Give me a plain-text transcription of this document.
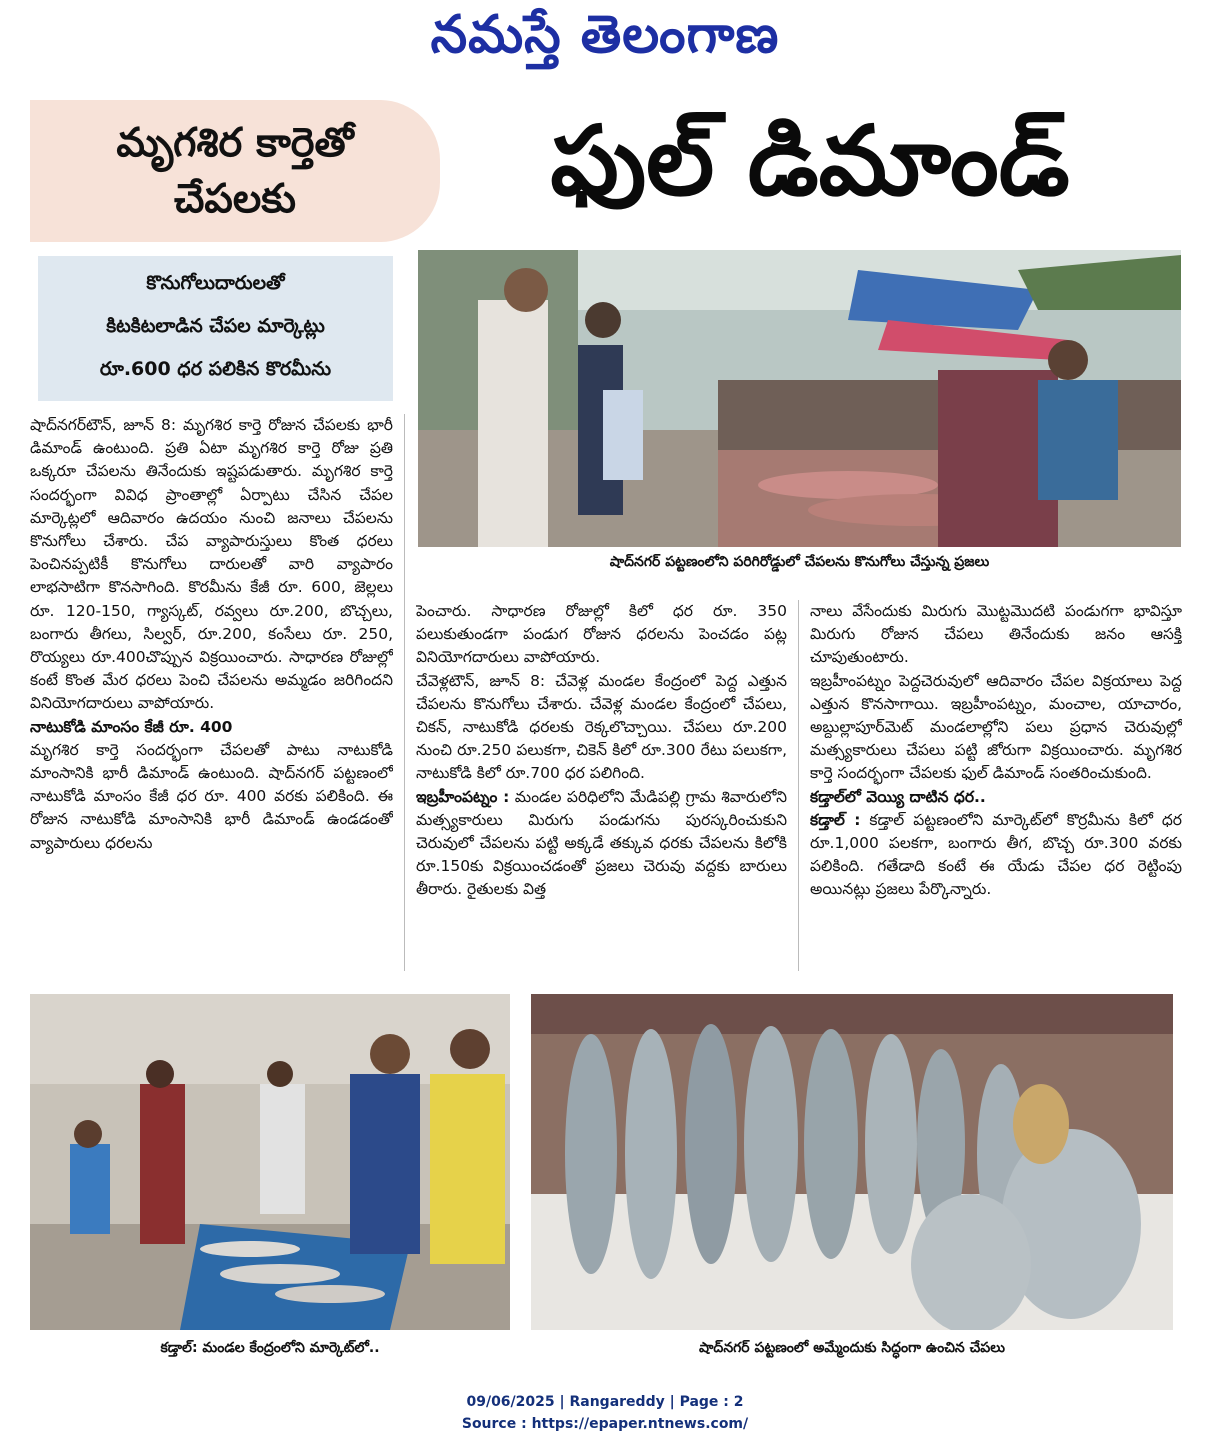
నమస్తే తెలంగాణ
మృగశిర కార్తెతో
చేపలకు	ఫుల్ డిమాండ్
కొనుగోలుదారులతో
కిటకిటలాడిన చేపల మార్కెట్లు
రూ.600 ధర పలికిన కొరమీను
షాద్‌నగర్ పట్టణంలోని పరిగిరోడ్డులో చేపలను కొనుగోలు చేస్తున్న ప్రజలు

షాద్‌నగర్‌టౌన్, జూన్ 8: మృగశిర కార్తె రోజున చేపలకు భారీ డిమాండ్ ఉంటుంది. ప్రతి ఏటా మృగశిర కార్తె రోజు ప్రతి ఒక్కరూ చేపలను తినేందుకు ఇష్టపడుతారు. మృగశిర కార్తె సందర్భంగా వివిధ ప్రాంతాల్లో ఏర్పాటు చేసిన చేపల మార్కెట్లలో ఆదివారం ఉదయం నుంచి జనాలు చేపలను కొనుగోలు చేశారు. చేప వ్యాపారుస్తులు కొంత ధరలు పెంచినప్పటికీ కొనుగోలు దారులతో వారి వ్యాపారం లాభసాటిగా కొనసాగింది. కొరమీను కేజీ రూ. 600, జెల్లలు రూ. 120-150, గ్యాస్కట్, రవ్వలు రూ.200, బొచ్చలు, బంగారు తీగలు, సిల్వర్, రూ.200, కంసేలు రూ. 250, రొయ్యలు రూ.400చొప్పున విక్రయించారు. సాధారణ రోజుల్లో కంటే కొంత మేర ధరలు పెంచి చేపలను అమ్మడం జరిగిందని వినియోగదారులు వాపోయారు.

నాటుకోడి మాంసం కేజీ రూ. 400

మృగశిర కార్తె సందర్భంగా చేపలతో పాటు నాటుకోడి మాంసానికి భారీ డిమాండ్ ఉంటుంది. షాద్‌నగర్ పట్టణంలో నాటుకోడి మాంసం కేజీ ధర రూ. 400 వరకు పలికింది. ఈ రోజున నాటుకోడి మాంసానికి భారీ డిమాండ్ ఉండడంతో వ్యాపారులు ధరలను

పెంచారు. సాధారణ రోజుల్లో కిలో ధర రూ. 350 పలుకుతుండగా పండుగ రోజున ధరలను పెంచడం పట్ల వినియోగదారులు వాపోయారు.

చేవెళ్లటౌన్, జూన్ 8: చేవెళ్ల మండల కేంద్రంలో పెద్ద ఎత్తున చేపలను కొనుగోలు చేశారు. చేవెళ్ల మండల కేంద్రంలో చేపలు, చికన్, నాటుకోడి ధరలకు రెక్కలొచ్చాయి. చేపలు రూ.200 నుంచి రూ.250 పలుకగా, చికెన్ కిలో రూ.300 రేటు పలుకగా, నాటుకోడి కిలో రూ.700 ధర పలిగింది.

ఇబ్రహీంపట్నం : మండల పరిధిలోని మేడిపల్లి గ్రామ శివారులోని మత్స్యకారులు మిరుగు పండుగను పురస్కరించుకుని చెరువులో చేపలను పట్టి అక్కడే తక్కువ ధరకు చేపలను కిలోకి రూ.150కు విక్రయించడంతో ప్రజలు చెరువు వద్దకు బారులు తీరారు. రైతులకు విత్త

నాలు వేసేందుకు మిరుగు మొట్టమొదటి పండుగగా భావిస్తూ మిరుగు రోజున చేపలు తినేందుకు జనం ఆసక్తి చూపుతుంటారు.

ఇబ్రహీంపట్నం పెద్దచెరువులో ఆదివారం చేపల విక్రయాలు పెద్ద ఎత్తున కొనసాగాయి. ఇబ్రహీంపట్నం, మంచాల, యాచారం, అబ్దుల్లాపూర్‌మెట్ మండలాల్లోని పలు ప్రధాన చెరువుల్లో మత్స్యకారులు చేపలు పట్టి జోరుగా విక్రయించారు. మృగశిర కార్తె సందర్భంగా చేపలకు ఫుల్ డిమాండ్ సంతరించుకుంది.

కడ్తాల్‌లో వెయ్యి దాటిన ధర..

కడ్తాల్ : కడ్తాల్ పట్టణంలోని మార్కెట్‌లో కొర్రమీను కిలో ధర రూ.1,000 పలకగా, బంగారు తీగ, బొచ్చ రూ.300 వరకు పలికింది. గతేడాది కంటే ఈ యేడు చేపల ధర రెట్టింపు అయినట్లు ప్రజలు పేర్కొన్నారు.

కడ్తాల్: మండల కేంద్రంలోని మార్కెట్‌లో..	షాద్‌నగర్ పట్టణంలో అమ్మేందుకు సిద్ధంగా ఉంచిన చేపలు
09/06/2025 | Rangareddy | Page : 2
Source : https://epaper.ntnews.com/
